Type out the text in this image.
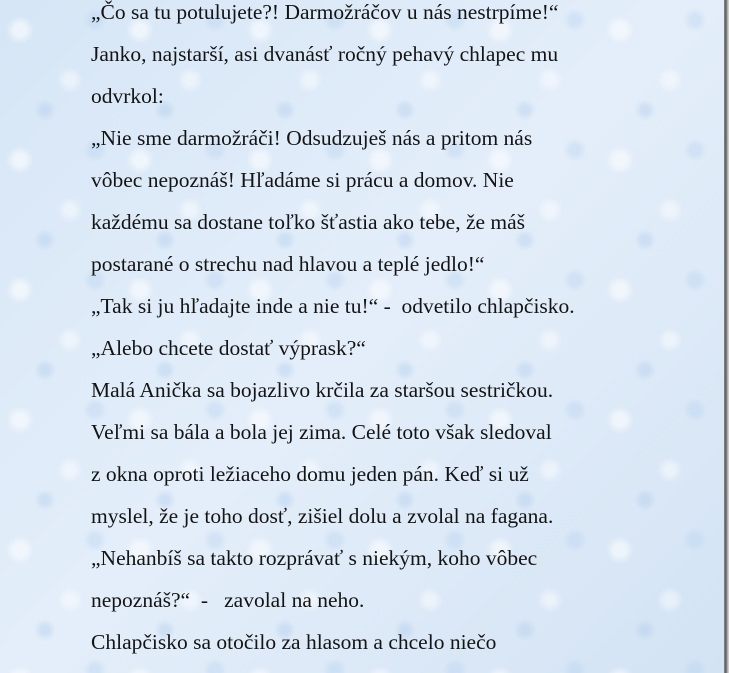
„Čo sa tu potulujete?! Darmožráčov u nás nestrpíme!“
Janko, najstarší, asi dvanásť ročný pehavý chlapec mu
odvrkol:
„Nie sme darmožráči! Odsudzuješ nás a pritom nás
vôbec nepoznáš! Hľadáme si prácu a domov. Nie
každému sa dostane toľko šťastia ako tebe, že máš
postarané o strechu nad hlavou a teplé jedlo!“
„Tak si ju hľadajte inde a nie tu!“ -  odvetilo chlapčisko.
„Alebo chcete dostať výprask?“
Malá Anička sa bojazlivo krčila za staršou sestričkou.
Veľmi sa bála a bola jej zima. Celé toto však sledoval
z okna oproti ležiaceho domu jeden pán. Keď si už
myslel, že je toho dosť, zišiel dolu a zvolal na fagana.
„Nehanbíš sa takto rozprávať s niekým, koho vôbec
nepoznáš?“  -   zavolal na neho.
Chlapčisko sa otočilo za hlasom a chcelo niečo
